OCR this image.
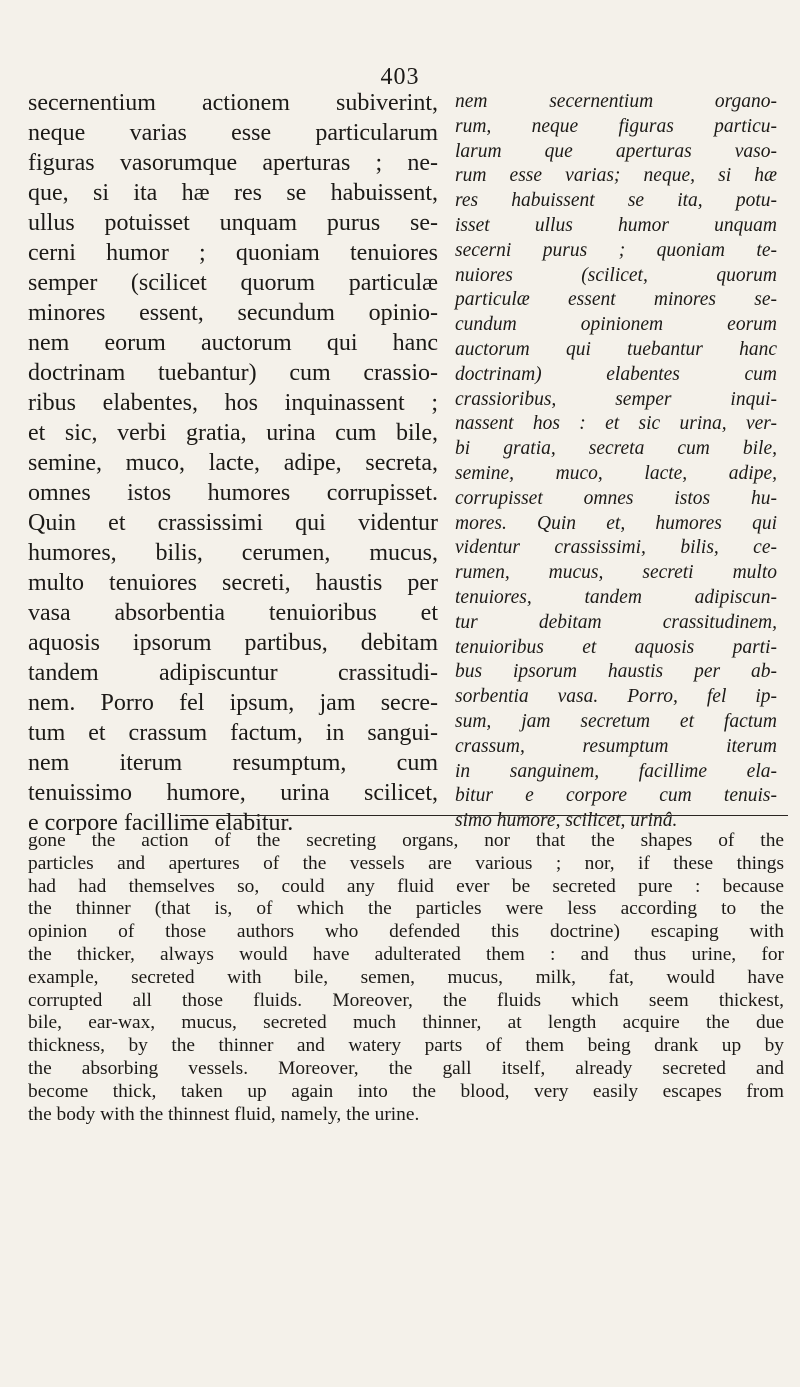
403
secernentium actionem subiverint,
neque varias esse particularum
figuras vasorumque aperturas ; ne-
que, si ita hæ res se habuissent,
ullus potuisset unquam purus se-
cerni humor ; quoniam tenuiores
semper (scilicet quorum particulæ
minores essent, secundum opinio-
nem eorum auctorum qui hanc
doctrinam tuebantur) cum crassio-
ribus elabentes, hos inquinassent ;
et sic, verbi gratia, urina cum bile,
semine, muco, lacte, adipe, secreta,
omnes istos humores corrupisset.
Quin et crassissimi qui videntur
humores, bilis, cerumen, mucus,
multo tenuiores secreti, haustis per
vasa absorbentia tenuioribus et
aquosis ipsorum partibus, debitam
tandem adipiscuntur crassitudi-
nem. Porro fel ipsum, jam secre-
tum et crassum factum, in sangui-
nem iterum resumptum, cum
tenuissimo humore, urina scilicet,
e corpore facillime elabitur.
nem secernentium organo-
rum, neque figuras particu-
larum que aperturas vaso-
rum esse varias; neque, si hæ
res habuissent se ita, potu-
isset ullus humor unquam
secerni purus ; quoniam te-
nuiores (scilicet, quorum
particulæ essent minores se-
cundum opinionem eorum
auctorum qui tuebantur hanc
doctrinam) elabentes cum
crassioribus, semper inqui-
nassent hos : et sic urina, ver-
bi gratia, secreta cum bile,
semine, muco, lacte, adipe,
corrupisset omnes istos hu-
mores. Quin et, humores qui
videntur crassissimi, bilis, ce-
rumen, mucus, secreti multo
tenuiores, tandem adipiscun-
tur debitam crassitudinem,
tenuioribus et aquosis parti-
bus ipsorum haustis per ab-
sorbentia vasa. Porro, fel ip-
sum, jam secretum et factum
crassum, resumptum iterum
in sanguinem, facillime ela-
bitur e corpore cum tenuis-
simo humore, scilicet, urinâ.
gone the action of the secreting organs, nor that the shapes of the
particles and apertures of the vessels are various ; nor, if these things
had had themselves so, could any fluid ever be secreted pure : because
the thinner (that is, of which the particles were less according to the
opinion of those authors who defended this doctrine) escaping with
the thicker, always would have adulterated them : and thus urine, for
example, secreted with bile, semen, mucus, milk, fat, would have
corrupted all those fluids. Moreover, the fluids which seem thickest,
bile, ear-wax, mucus, secreted much thinner, at length acquire the due
thickness, by the thinner and watery parts of them being drank up by
the absorbing vessels. Moreover, the gall itself, already secreted and
become thick, taken up again into the blood, very easily escapes from
the body with the thinnest fluid, namely, the urine.
